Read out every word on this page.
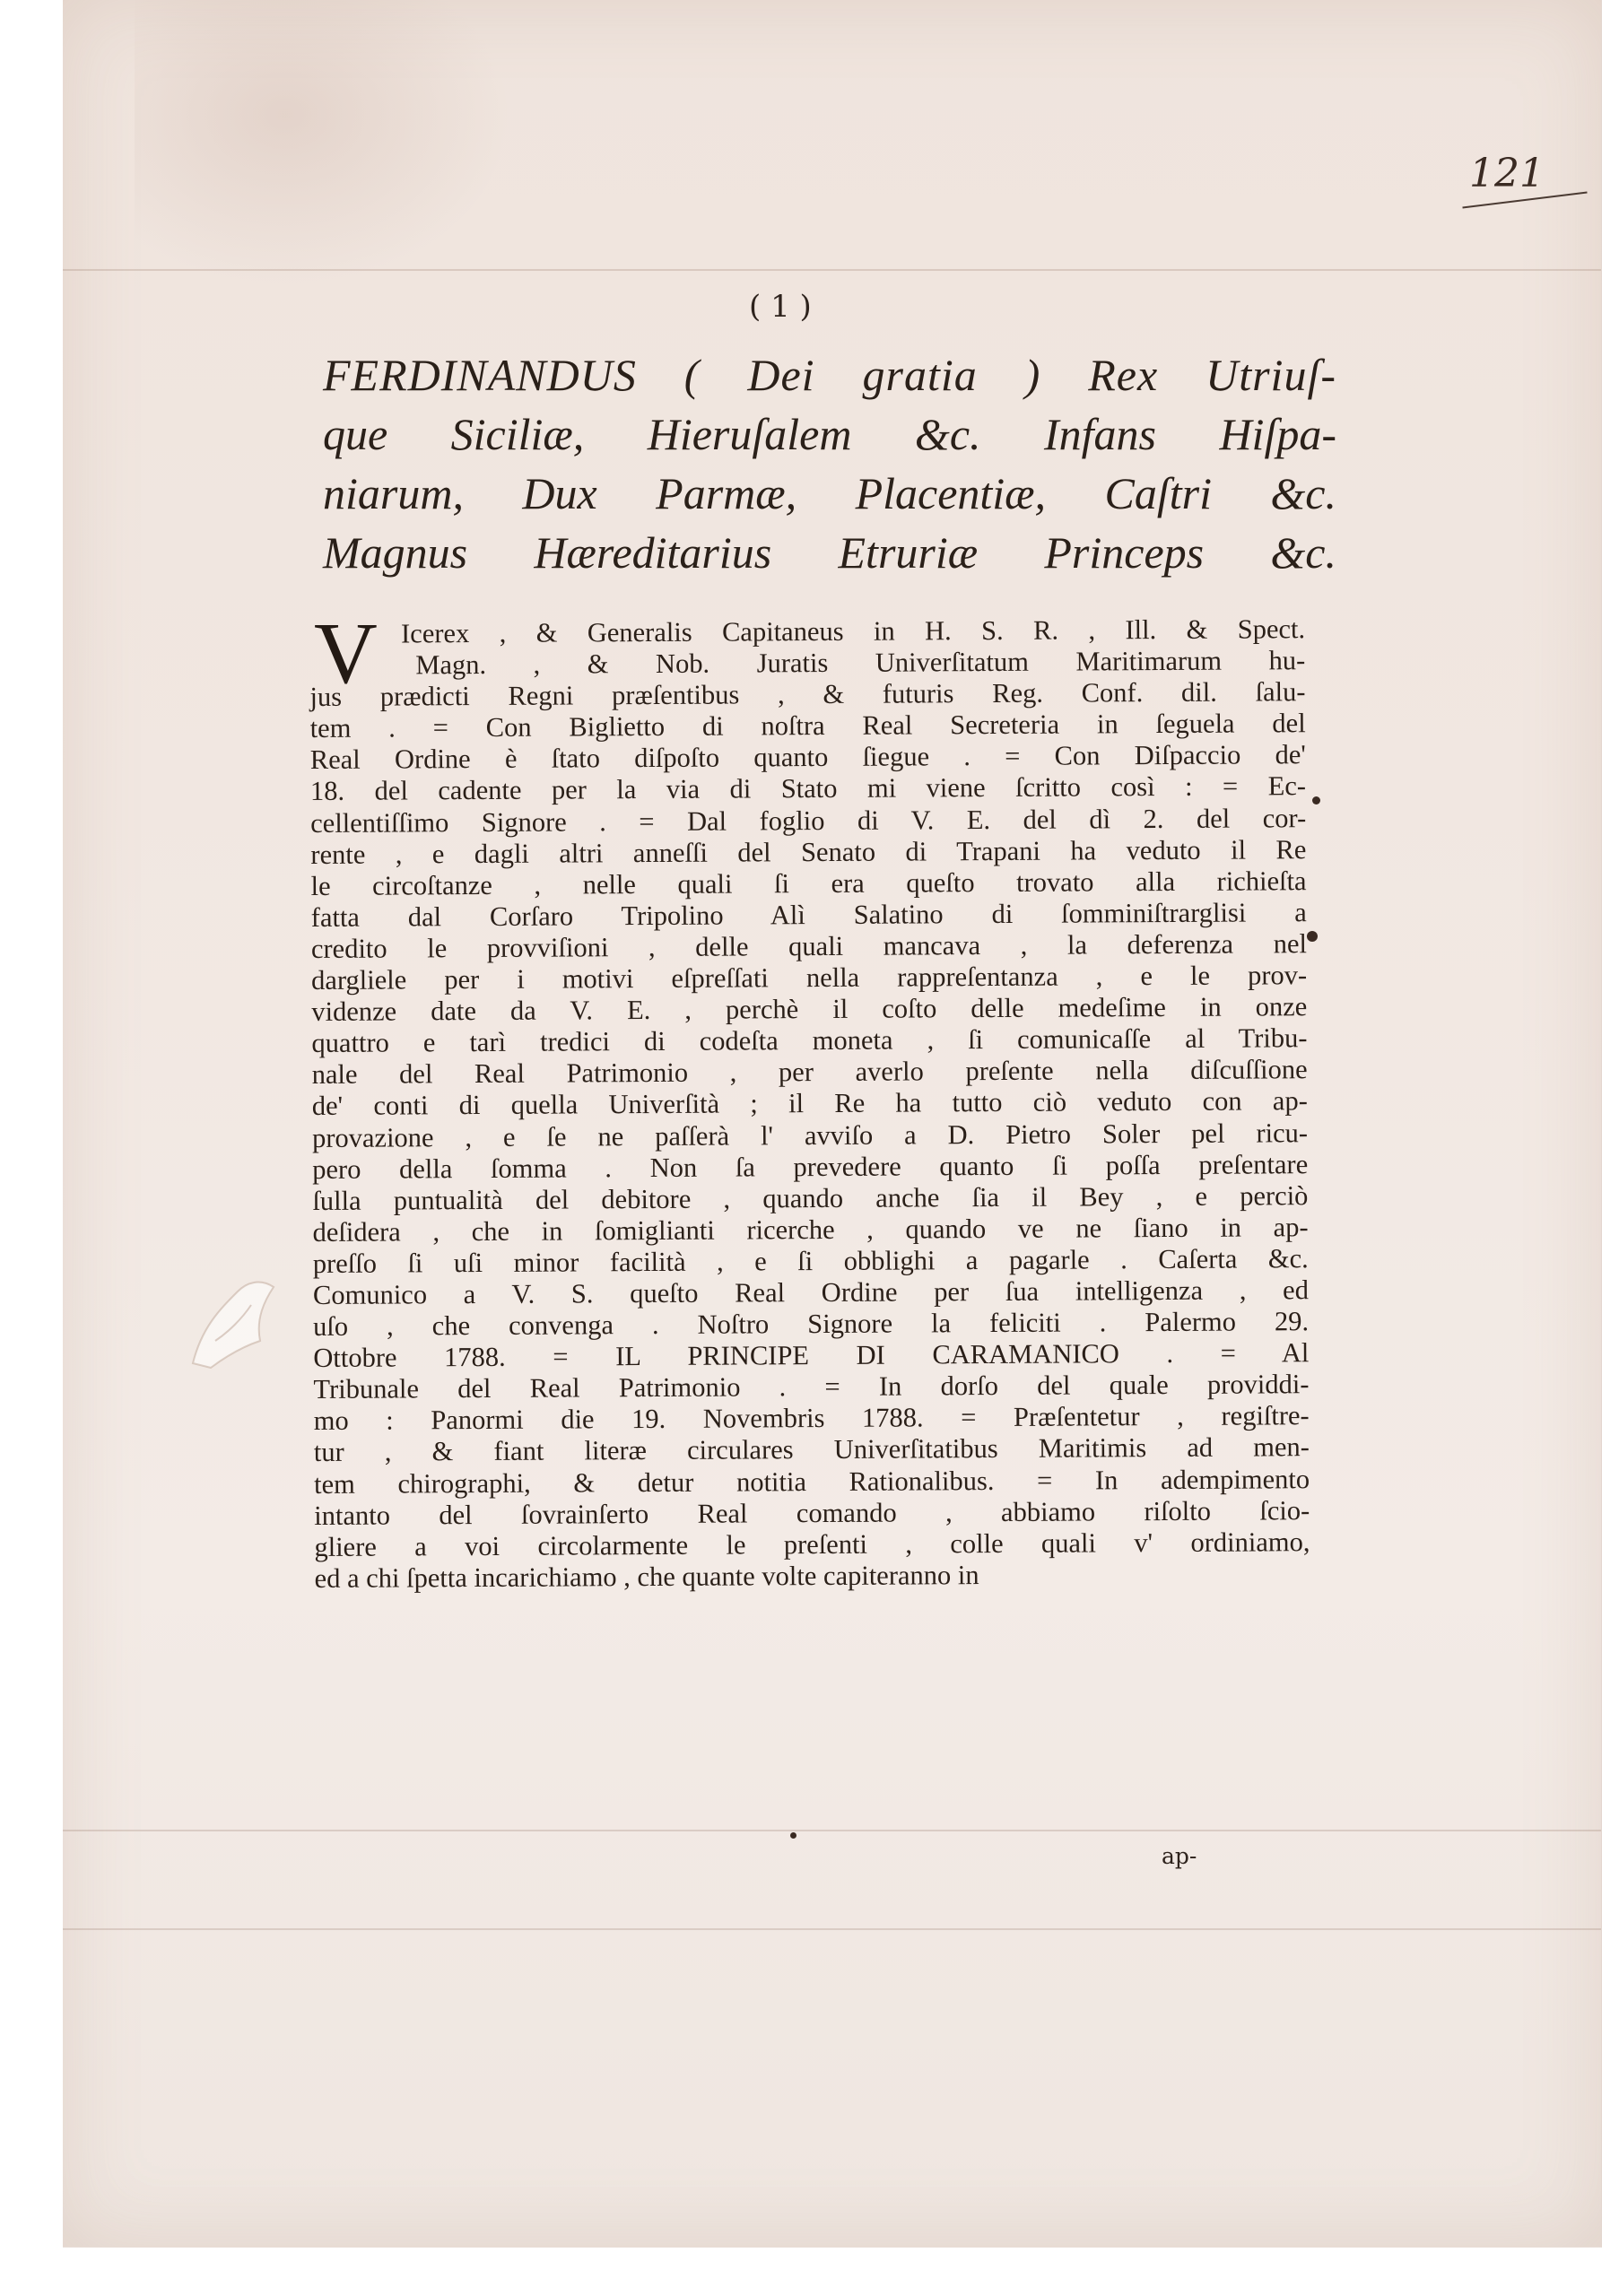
121
( 1 )
FERDINANDUS ( Dei gratia ) Rex Utriuſ-
que Siciliæ, Hieruſalem &c. Infans Hiſpa-
niarum, Dux Parmæ, Placentiæ, Caſtri &c.
Magnus Hæreditarius Etruriæ Princeps &c.
V Icerex , & Generalis Capitaneus in H. S. R. , Ill. & Spect.
Magn. , & Nob. Juratis Univerſitatum Maritimarum hu-
jus prædicti Regni præſentibus , & futuris Reg. Conf. dil. ſalu-
tem . = Con Biglietto di noſtra Real Secreteria in ſeguela del
Real Ordine è ſtato diſpoſto quanto ſiegue . = Con Diſpaccio de'
18. del cadente per la via di Stato mi viene ſcritto così : = Ec-
cellentiſſimo Signore . = Dal foglio di V. E. del dì 2. del cor-
rente , e dagli altri anneſſi del Senato di Trapani ha veduto il Re
le circoſtanze , nelle quali ſi era queſto trovato alla richieſta
fatta dal Corſaro Tripolino Alì Salatino di ſomminiſtrarglisi a
credito le provviſioni , delle quali mancava , la deferenza nel
dargliele per i motivi eſpreſſati nella rappreſentanza , e le prov-
videnze date da V. E. , perchè il coſto delle medeſime in onze
quattro e tarì tredici di codeſta moneta , ſi comunicaſſe al Tribu-
nale del Real Patrimonio , per averlo preſente nella diſcuſſione
de' conti di quella Univerſità ; il Re ha tutto ciò veduto con ap-
provazione , e ſe ne paſſerà l' avviſo a D. Pietro Soler pel ricu-
pero della ſomma . Non ſa prevedere quanto ſi poſſa preſentare
ſulla puntualità del debitore , quando anche ſia il Bey , e perciò
deſidera , che in ſomiglianti ricerche , quando ve ne ſiano in ap-
preſſo ſi uſi minor facilità , e ſi obblighi a pagarle . Caſerta &c.
Comunico a V. S. queſto Real Ordine per ſua intelligenza , ed
uſo , che convenga . Noſtro Signore la feliciti . Palermo 29.
Ottobre 1788. = IL PRINCIPE DI CARAMANICO . = Al
Tribunale del Real Patrimonio . = In dorſo del quale providdi-
mo : Panormi die 19. Novembris 1788. = Præſentetur , regiſtre-
tur , & fiant literæ circulares Univerſitatibus Maritimis ad men-
tem chirographi, & detur notitia Rationalibus. = In adempimento
intanto del ſovrainſerto Real comando , abbiamo riſolto ſcio-
gliere a voi circolarmente le preſenti , colle quali v' ordiniamo,
ed a chi ſpetta incarichiamo , che quante volte capiteranno in
ap-
